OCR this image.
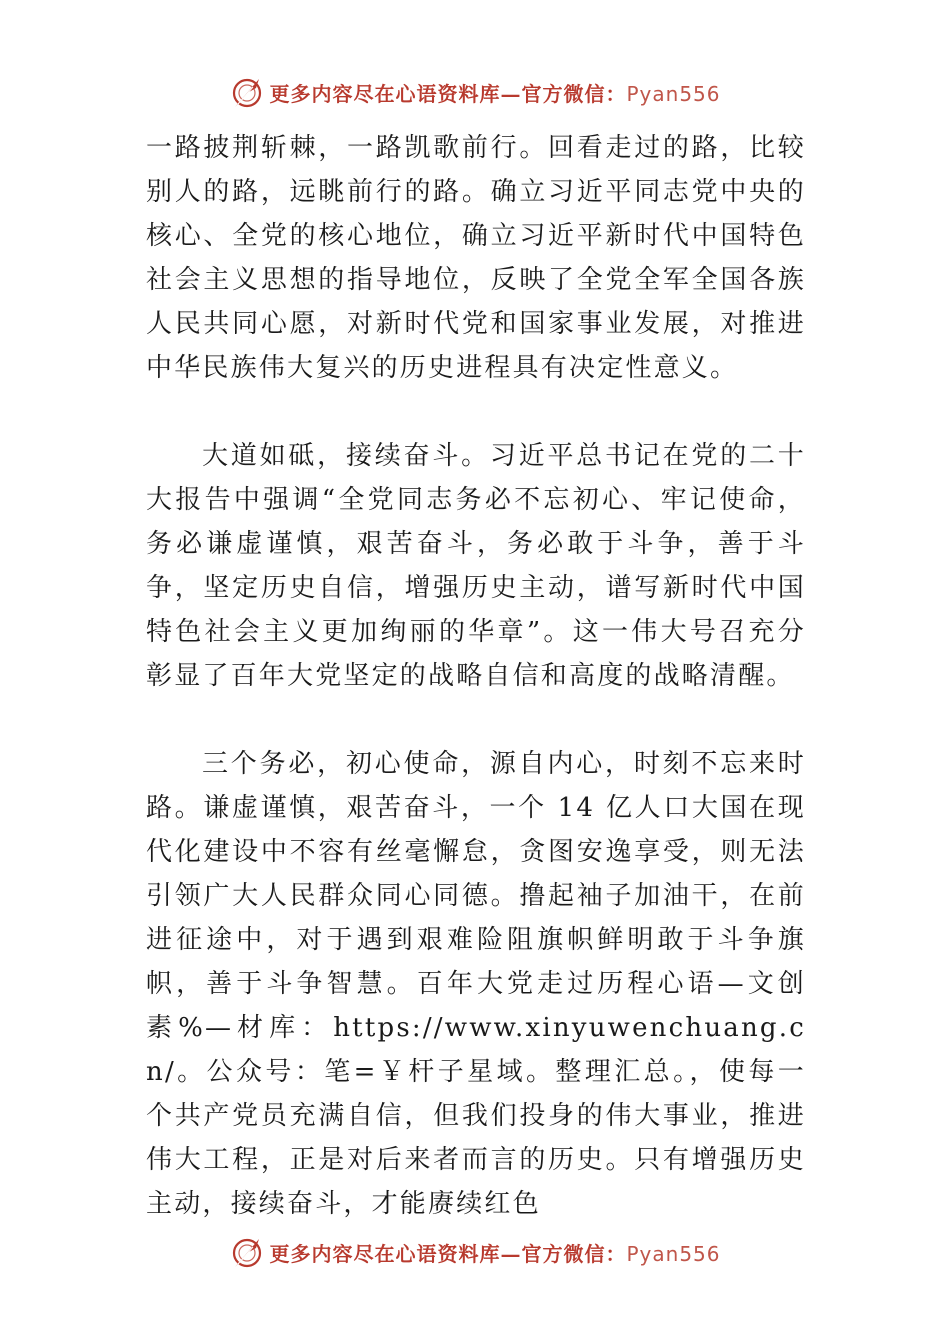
更多内容尽在心语资料库—官方微信：Pyan556

一路披荆斩棘，一路凯歌前行。回看走过的路，比较别人的路，远眺前行的路。确立习近平同志党中央的核心、全党的核心地位，确立习近平新时代中国特色社会主义思想的指导地位，反映了全党全军全国各族人民共同心愿，对新时代党和国家事业发展，对推进中华民族伟大复兴的历史进程具有决定性意义。

大道如砥，接续奋斗。习近平总书记在党的二十大报告中强调“全党同志务必不忘初心、牢记使命，务必谦虚谨慎，艰苦奋斗，务必敢于斗争，善于斗争，坚定历史自信，增强历史主动，谱写新时代中国特色社会主义更加绚丽的华章”。这一伟大号召充分彰显了百年大党坚定的战略自信和高度的战略清醒。

三个务必，初心使命，源自内心，时刻不忘来时路。谦虚谨慎，艰苦奋斗，一个 14 亿人口大国在现代化建设中不容有丝毫懈怠，贪图安逸享受，则无法引领广大人民群众同心同德。撸起袖子加油干，在前进征途中，对于遇到艰难险阻旗帜鲜明敢于斗争旗帜，善于斗争智慧。百年大党走过历程心语—文创素%—材库：https://www.xinyuwenchuang.cn/。公众号：笔=￥杆子星域。整理汇总。，使每一个共产党员充满自信，但我们投身的伟大事业，推进伟大工程，正是对后来者而言的历史。只有增强历史主动，接续奋斗，才能赓续红色

更多内容尽在心语资料库—官方微信：Pyan556
